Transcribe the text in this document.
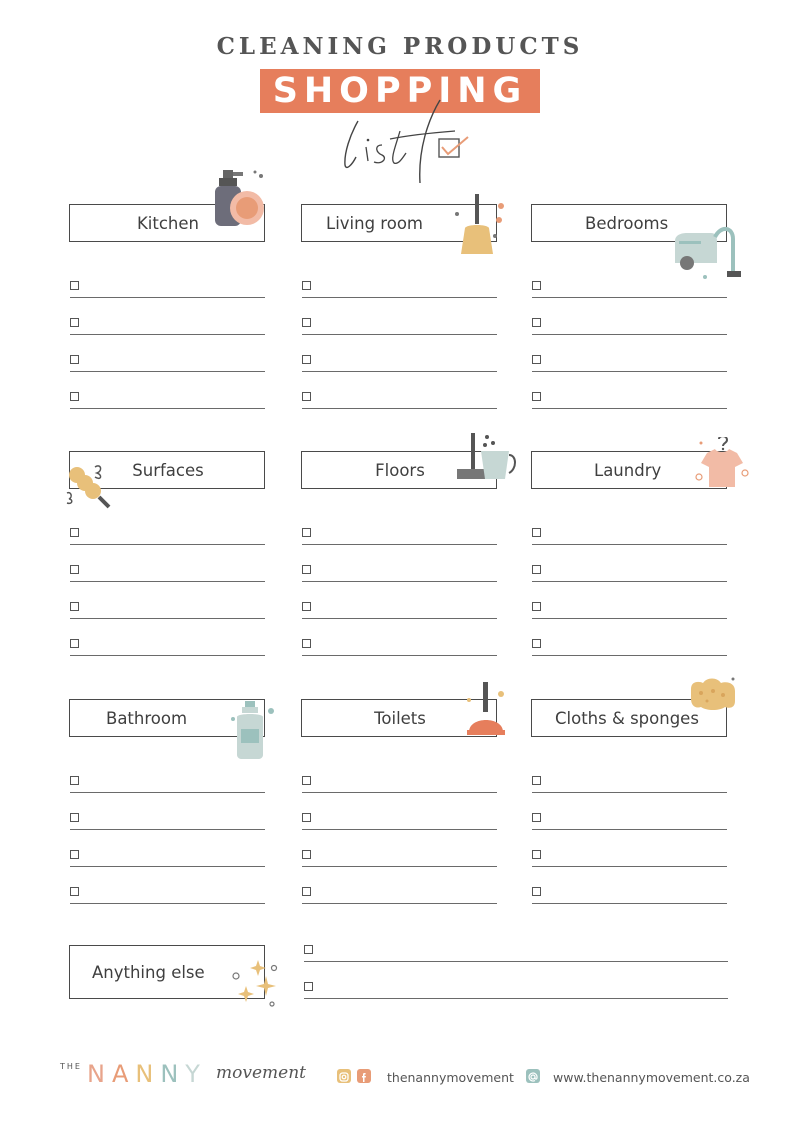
CLEANING PRODUCTS
SHOPPING
Kitchen	Living room	Bedrooms
Surfaces	Floors	Laundry
Bathroom	Toilets	Cloths & sponges
Anything else
THE NANNY movement	thenannymovement	www.thenannymovement.co.za
